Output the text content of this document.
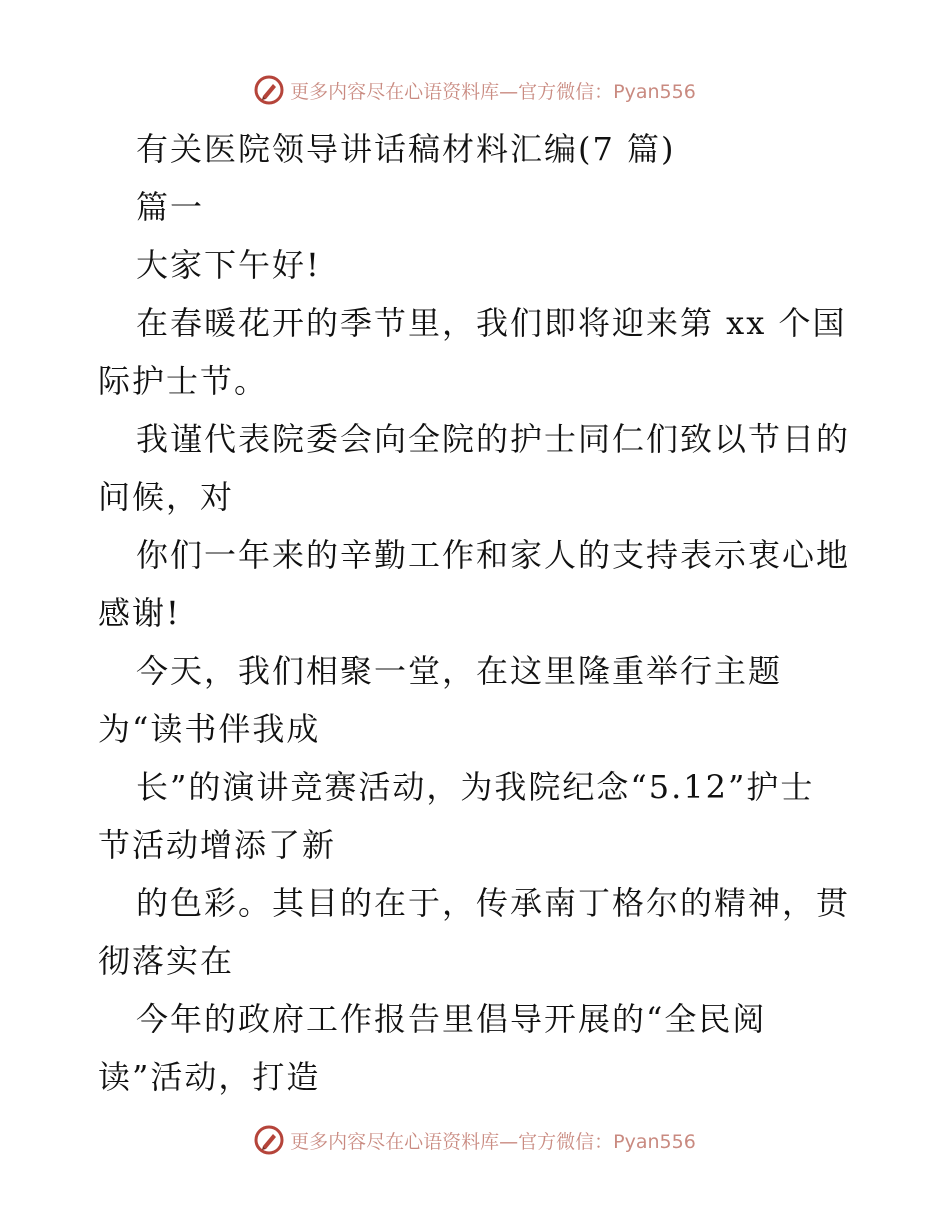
更多内容尽在心语资料库—官方微信：Pyan556
有关医院领导讲话稿材料汇编(7 篇)
篇一
大家下午好!
在春暖花开的季节里，我们即将迎来第 xx 个国
际护士节。
我谨代表院委会向全院的护士同仁们致以节日的
问候，对
你们一年来的辛勤工作和家人的支持表示衷心地
感谢!
今天，我们相聚一堂，在这里隆重举行主题
为“读书伴我成
长”的演讲竞赛活动，为我院纪念“5.12”护士
节活动增添了新
的色彩。其目的在于，传承南丁格尔的精神，贯
彻落实在
今年的政府工作报告里倡导开展的“全民阅
读”活动，打造
更多内容尽在心语资料库—官方微信：Pyan556
